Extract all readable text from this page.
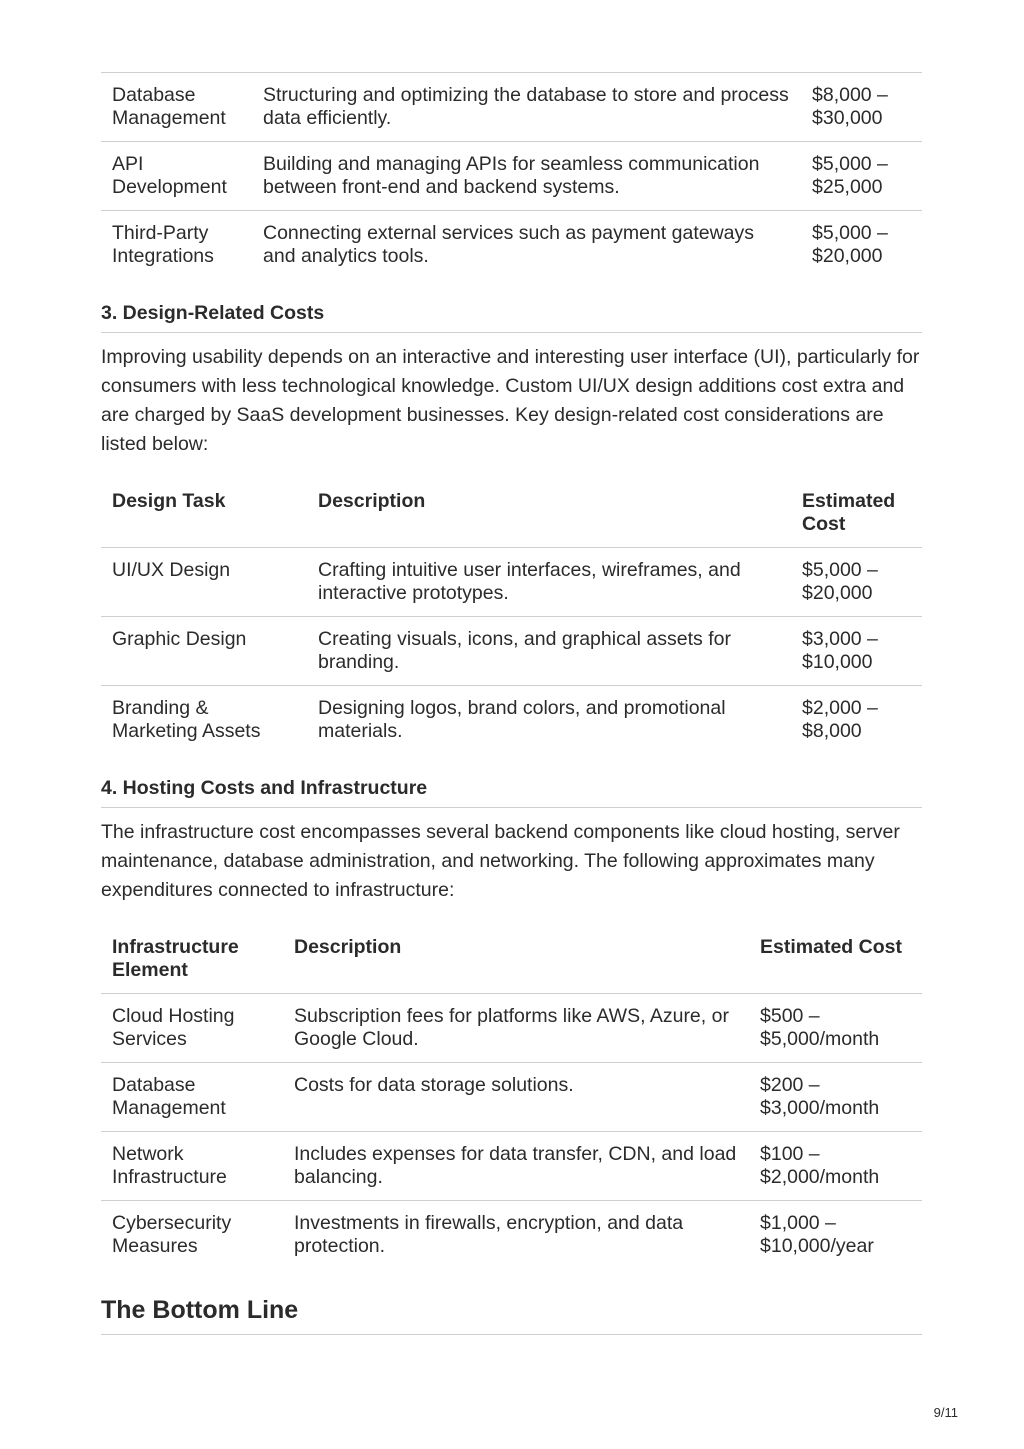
Database Management	Structuring and optimizing the database to store and process data efficiently.	$8,000 – $30,000
API Development	Building and managing APIs for seamless communication between front-end and backend systems.	$5,000 – $25,000
Third-Party Integrations	Connecting external services such as payment gateways and analytics tools.	$5,000 – $20,000
3. Design-Related Costs

Improving usability depends on an interactive and interesting user interface (UI), particularly for consumers with less technological knowledge. Custom UI/UX design additions cost extra and are charged by SaaS development businesses. Key design-related cost considerations are listed below:

Design Task	Description	Estimated Cost
UI/UX Design	Crafting intuitive user interfaces, wireframes, and interactive prototypes.	$5,000 – $20,000
Graphic Design	Creating visuals, icons, and graphical assets for branding.	$3,000 – $10,000
Branding & Marketing Assets	Designing logos, brand colors, and promotional materials.	$2,000 – $8,000
4. Hosting Costs and Infrastructure

The infrastructure cost encompasses several backend components like cloud hosting, server maintenance, database administration, and networking. The following approximates many expenditures connected to infrastructure:

Infrastructure Element	Description	Estimated Cost
Cloud Hosting Services	Subscription fees for platforms like AWS, Azure, or Google Cloud.	$500 – $5,000/month
Database Management	Costs for data storage solutions.	$200 – $3,000/month
Network Infrastructure	Includes expenses for data transfer, CDN, and load balancing.	$100 – $2,000/month
Cybersecurity Measures	Investments in firewalls, encryption, and data protection.	$1,000 – $10,000/year
The Bottom Line
9/11
